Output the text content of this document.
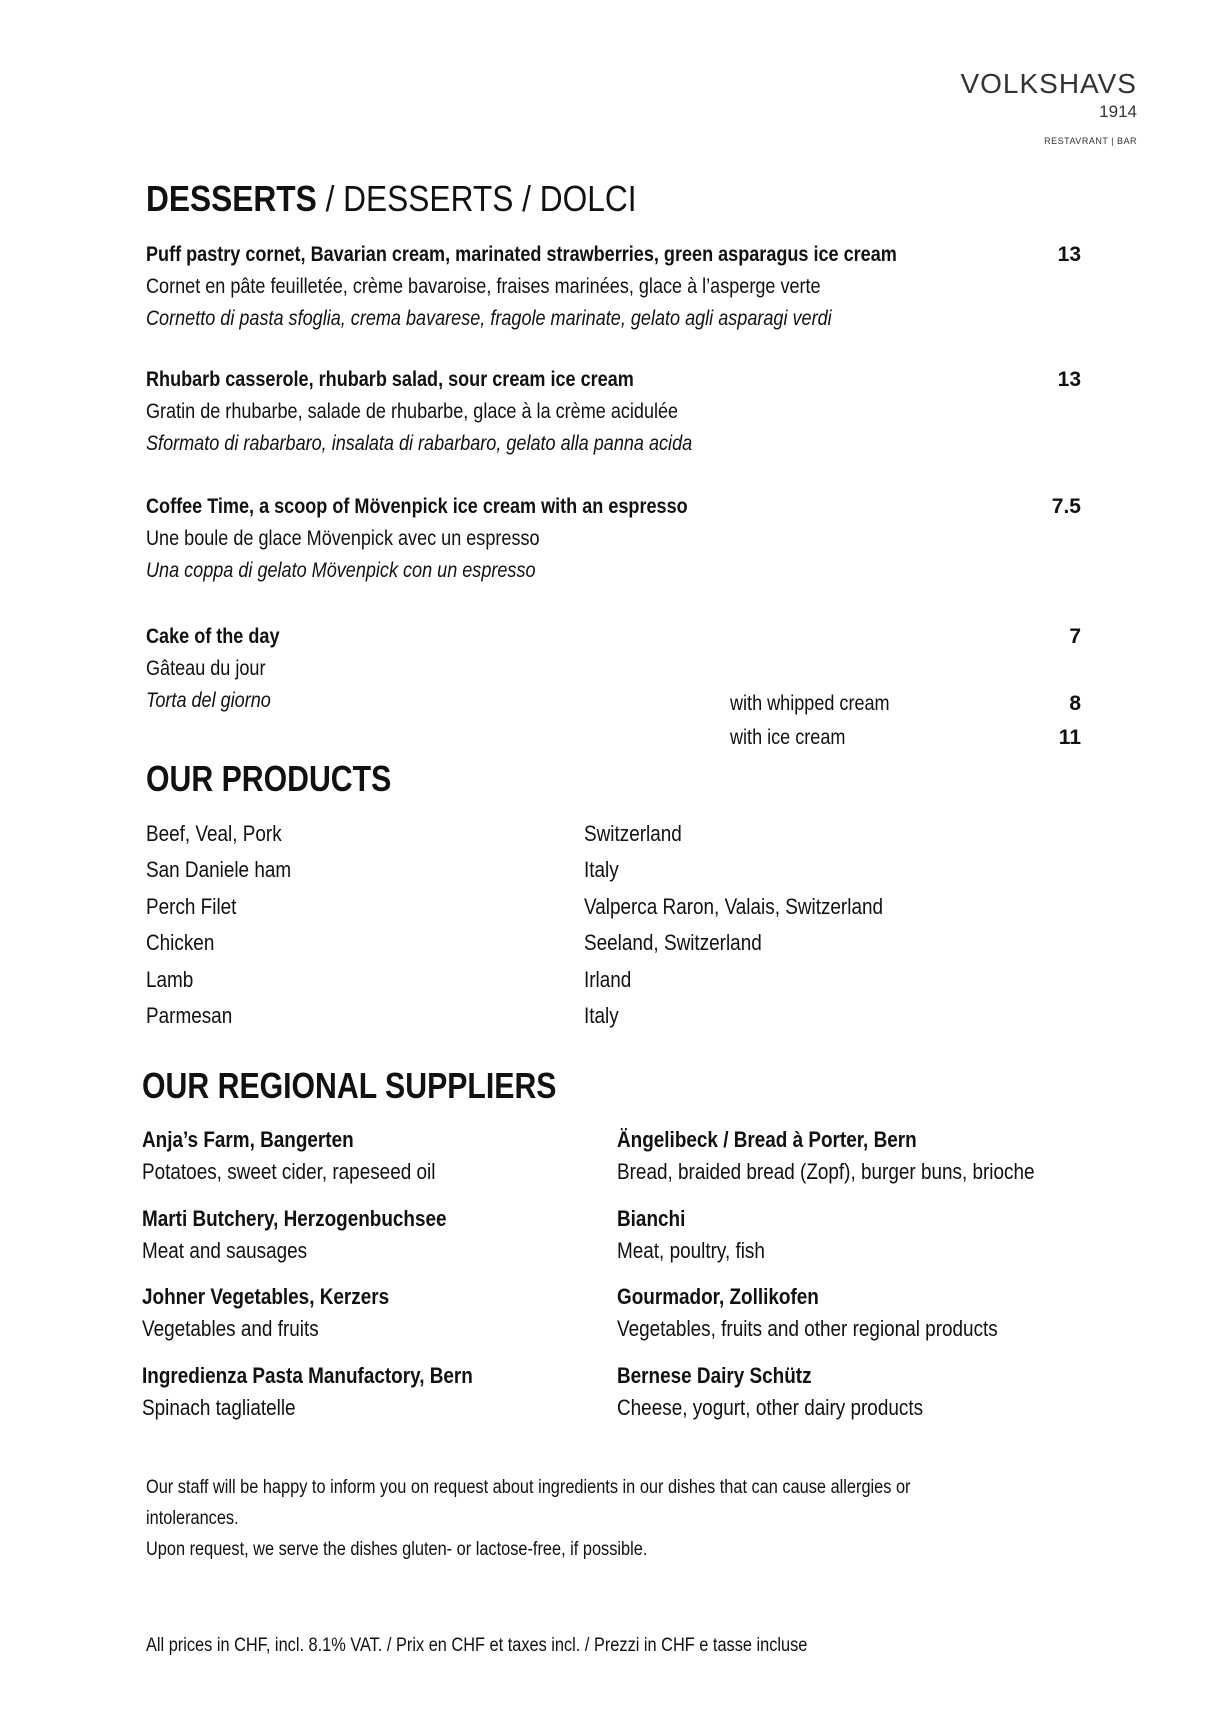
VOLKSHAVS
1914
RESTAVRANT | BAR
DESSERTS / DESSERTS / DOLCI
Puff pastry cornet, Bavarian cream, marinated strawberries, green asparagus ice cream
Cornet en pâte feuilletée, crème bavaroise, fraises marinées, glace à l’asperge verte
Cornetto di pasta sfoglia, crema bavarese, fragole marinate, gelato agli asparagi verdi
13
Rhubarb casserole, rhubarb salad, sour cream ice cream
Gratin de rhubarbe, salade de rhubarbe, glace à la crème acidulée
Sformato di rabarbaro, insalata di rabarbaro, gelato alla panna acida
13
Coffee Time, a scoop of Mövenpick ice cream with an espresso
Une boule de glace Mövenpick avec un espresso
Una coppa di gelato Mövenpick con un espresso
7.5
Cake of the day
Gâteau du jour
Torta del giorno
7
with whipped cream	8
with ice cream	11
OUR PRODUCTS
Beef, Veal, Pork	Switzerland
San Daniele ham	Italy
Perch Filet	Valperca Raron, Valais, Switzerland
Chicken	Seeland, Switzerland
Lamb	Irland
Parmesan	Italy
OUR REGIONAL SUPPLIERS
Anja’s Farm, Bangerten
Potatoes, sweet cider, rapeseed oil
Ängelibeck / Bread à Porter, Bern
Bread, braided bread (Zopf), burger buns, brioche
Marti Butchery, Herzogenbuchsee
Meat and sausages
Bianchi
Meat, poultry, fish
Johner Vegetables, Kerzers
Vegetables and fruits
Gourmador, Zollikofen
Vegetables, fruits and other regional products
Ingredienza Pasta Manufactory, Bern
Spinach tagliatelle
Bernese Dairy Schütz
Cheese, yogurt, other dairy products
Our staff will be happy to inform you on request about ingredients in our dishes that can cause allergies or
intolerances.
Upon request, we serve the dishes gluten- or lactose-free, if possible.
All prices in CHF, incl. 8.1% VAT. / Prix en CHF et taxes incl. / Prezzi in CHF e tasse incluse
